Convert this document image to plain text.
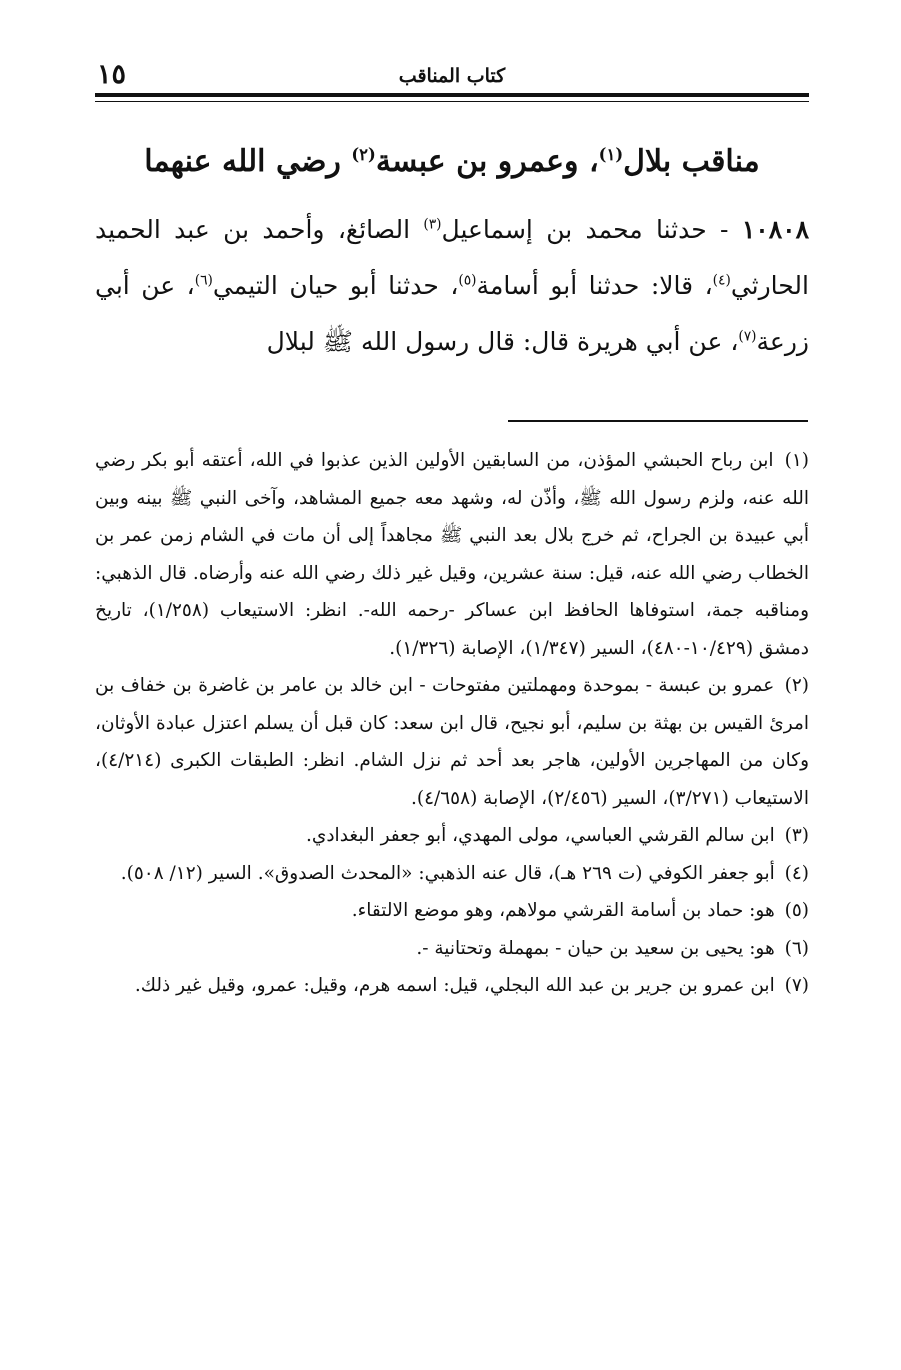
١٥	كتاب المناقب
مناقب بلال$^{(١)}$، وعمرو بن عبسة$^{(٢)}$ رضي الله عنهما
١٠٨٠٨ - حدثنا محمد بن إسماعيل$^{(٣)}$ الصائغ، وأحمد بن عبد الحميد الحارثي$^{(٤)}$، قالا: حدثنا أبو أسامة$^{(٥)}$، حدثنا أبو حيان التيمي$^{(٦)}$، عن أبي زرعة$^{(٧)}$، عن أبي هريرة قال: قال رسول الله ﷺ لبلال

(١) ابن رباح الحبشي المؤذن، من السابقين الأولين الذين عذبوا في الله، أعتقه أبو بكر رضي الله عنه، ولزم رسول الله ﷺ، وأذّن له، وشهد معه جميع المشاهد، وآخى النبي ﷺ بينه وبين أبي عبيدة بن الجراح، ثم خرج بلال بعد النبي ﷺ مجاهداً إلى أن مات في الشام زمن عمر بن الخطاب رضي الله عنه، قيل: سنة عشرين، وقيل غير ذلك رضي الله عنه وأرضاه. قال الذهبي: ومناقبه جمة، استوفاها الحافظ ابن عساكر -رحمه الله-. انظر: الاستيعاب (١/٢٥٨)، تاريخ دمشق (١٠/٤٢٩-٤٨٠)، السير (١/٣٤٧)، الإصابة (١/٣٢٦).

(٢) عمرو بن عبسة - بموحدة ومهملتين مفتوحات - ابن خالد بن عامر بن غاضرة بن خفاف بن امرئ القيس بن بهثة بن سليم، أبو نجيح، قال ابن سعد: كان قبل أن يسلم اعتزل عبادة الأوثان، وكان من المهاجرين الأولين، هاجر بعد أحد ثم نزل الشام. انظر: الطبقات الكبرى (٤/٢١٤)، الاستيعاب (٣/٢٧١)، السير (٢/٤٥٦)، الإصابة (٤/٦٥٨).

(٣) ابن سالم القرشي العباسي، مولى المهدي، أبو جعفر البغدادي.

(٤) أبو جعفر الكوفي (ت ٢٦٩ هـ)، قال عنه الذهبي: «المحدث الصدوق». السير (١٢/ ٥٠٨).

(٥) هو: حماد بن أسامة القرشي مولاهم، وهو موضع الالتقاء.

(٦) هو: يحيى بن سعيد بن حيان - بمهملة وتحتانية -.

(٧) ابن عمرو بن جرير بن عبد الله البجلي، قيل: اسمه هرم، وقيل: عمرو، وقيل غير ذلك.
